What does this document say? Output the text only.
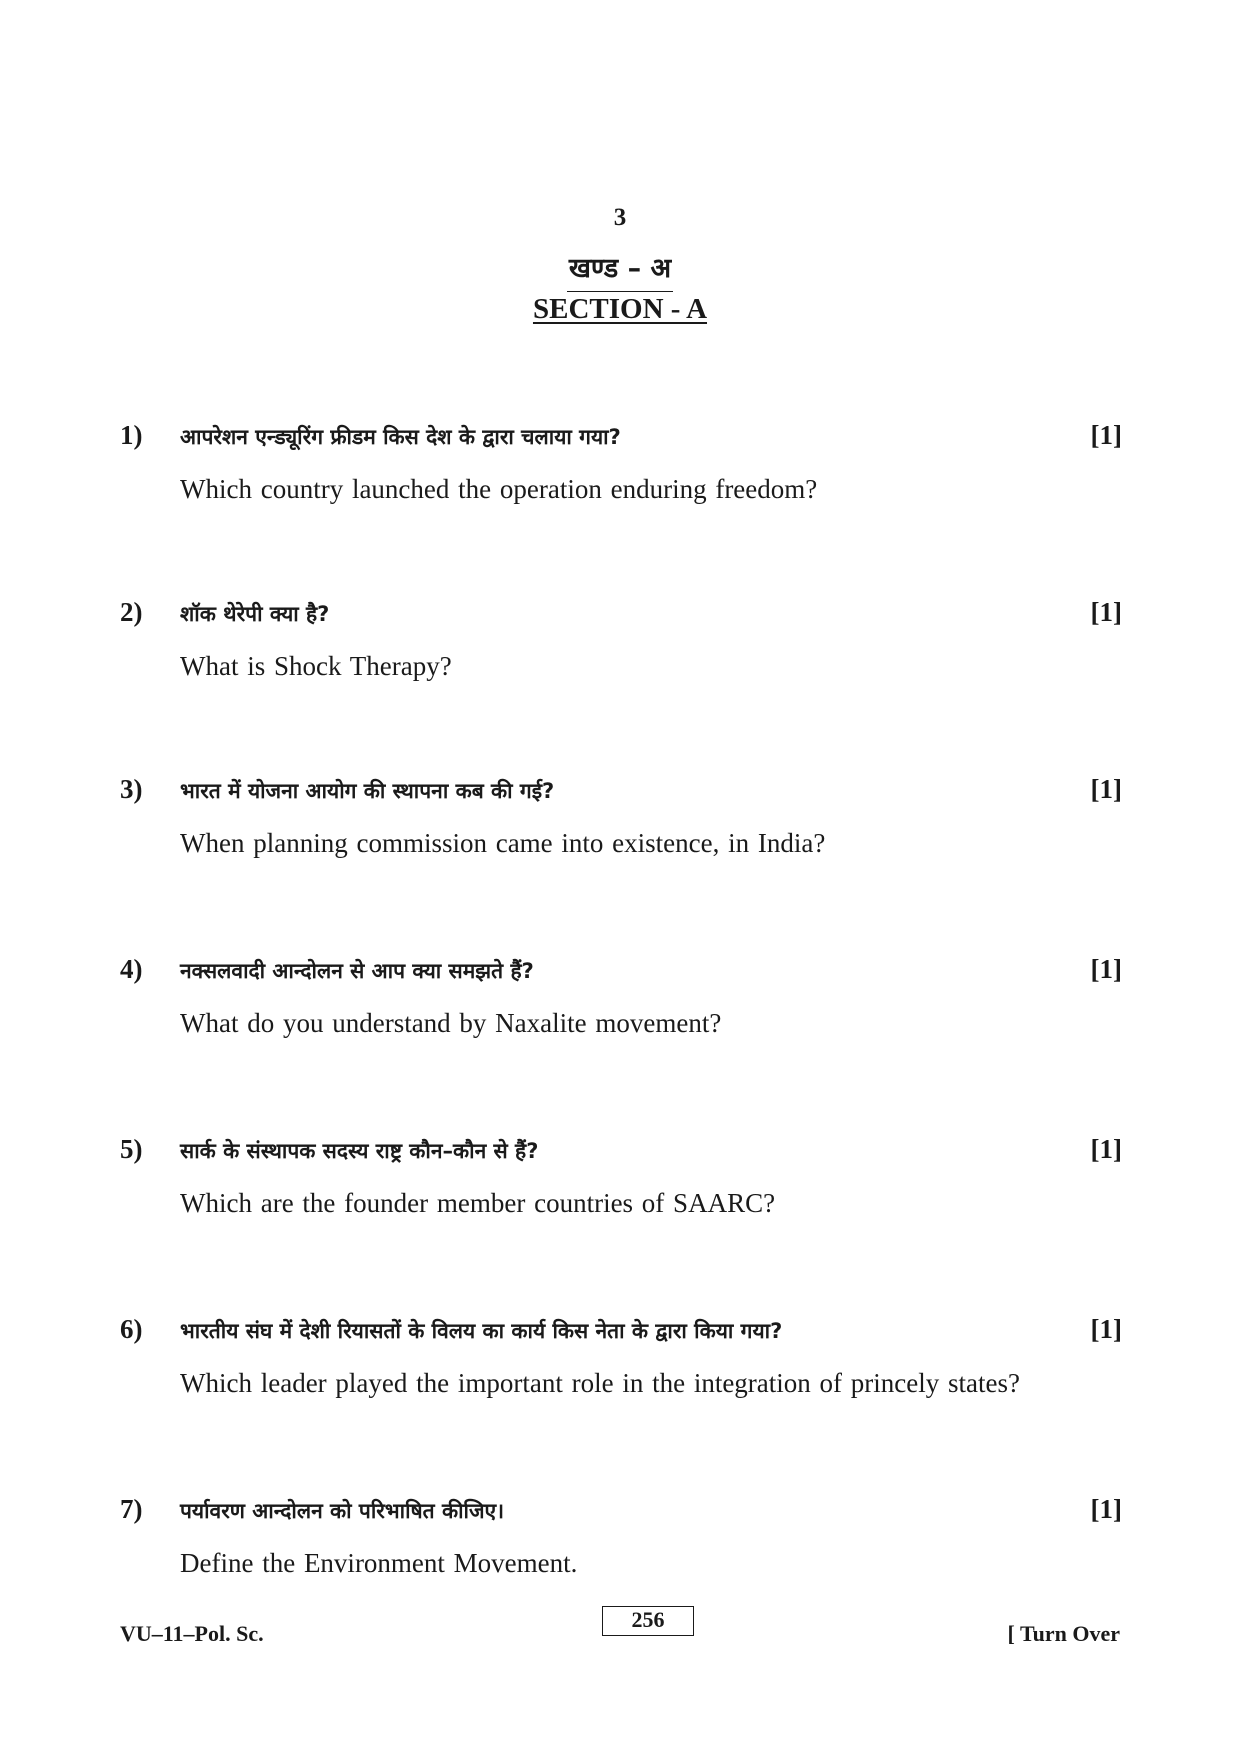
3
खण्ड – अ
SECTION - A
1) आपरेशन एन्ड्यूरिंग फ्रीडम किस देश के द्वारा चलाया गया?	[1]
Which country launched the operation enduring freedom?
2) शॉक थेरेपी क्या है?	[1]
What is Shock Therapy?
3) भारत में योजना आयोग की स्थापना कब की गई?	[1]
When planning commission came into existence, in India?
4) नक्सलवादी आन्दोलन से आप क्या समझते हैं?	[1]
What do you understand by Naxalite movement?
5) सार्क के संस्थापक सदस्य राष्ट्र कौन–कौन से हैं?	[1]
Which are the founder member countries of SAARC?
6) भारतीय संघ में देशी रियासतों के विलय का कार्य किस नेता के द्वारा किया गया?	[1]
Which leader played the important role in the integration of princely states?
7) पर्यावरण आन्दोलन को परिभाषित कीजिए।	[1]
Define the Environment Movement.
VU–11–Pol. Sc.
256
[ Turn Over
